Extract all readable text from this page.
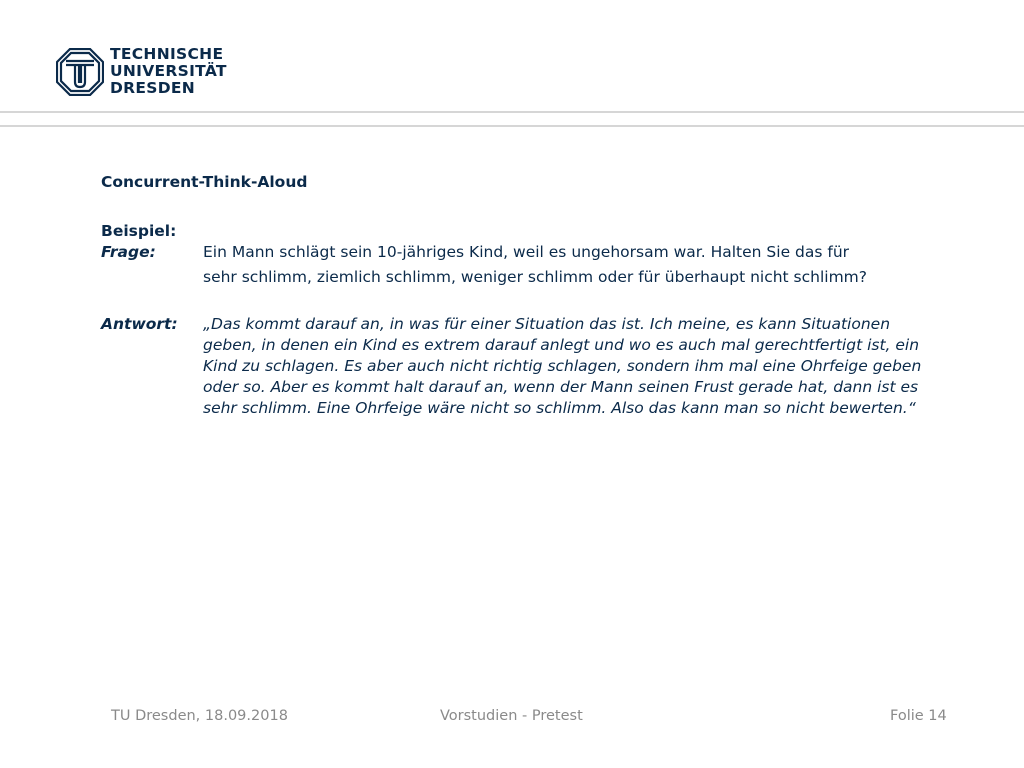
TECHNISCHE
UNIVERSITÄT
DRESDEN
Concurrent-Think-Aloud
Beispiel:
Frage:	Ein Mann schlägt sein 10-jähriges Kind, weil es ungehorsam war. Halten Sie das für
sehr schlimm, ziemlich schlimm, weniger schlimm oder für überhaupt nicht schlimm?
Antwort:	„Das kommt darauf an, in was für einer Situation das ist. Ich meine, es kann Situationen geben, in denen ein Kind es extrem darauf anlegt und wo es auch mal gerechtfertigt ist, ein Kind zu schlagen. Es aber auch nicht richtig schlagen, sondern ihm mal eine Ohrfeige geben oder so. Aber es kommt halt darauf an, wenn der Mann seinen Frust gerade hat, dann ist es sehr schlimm. Eine Ohrfeige wäre nicht so schlimm. Also das kann man so nicht bewerten.“
TU Dresden, 18.09.2018	Vorstudien - Pretest	Folie 14
